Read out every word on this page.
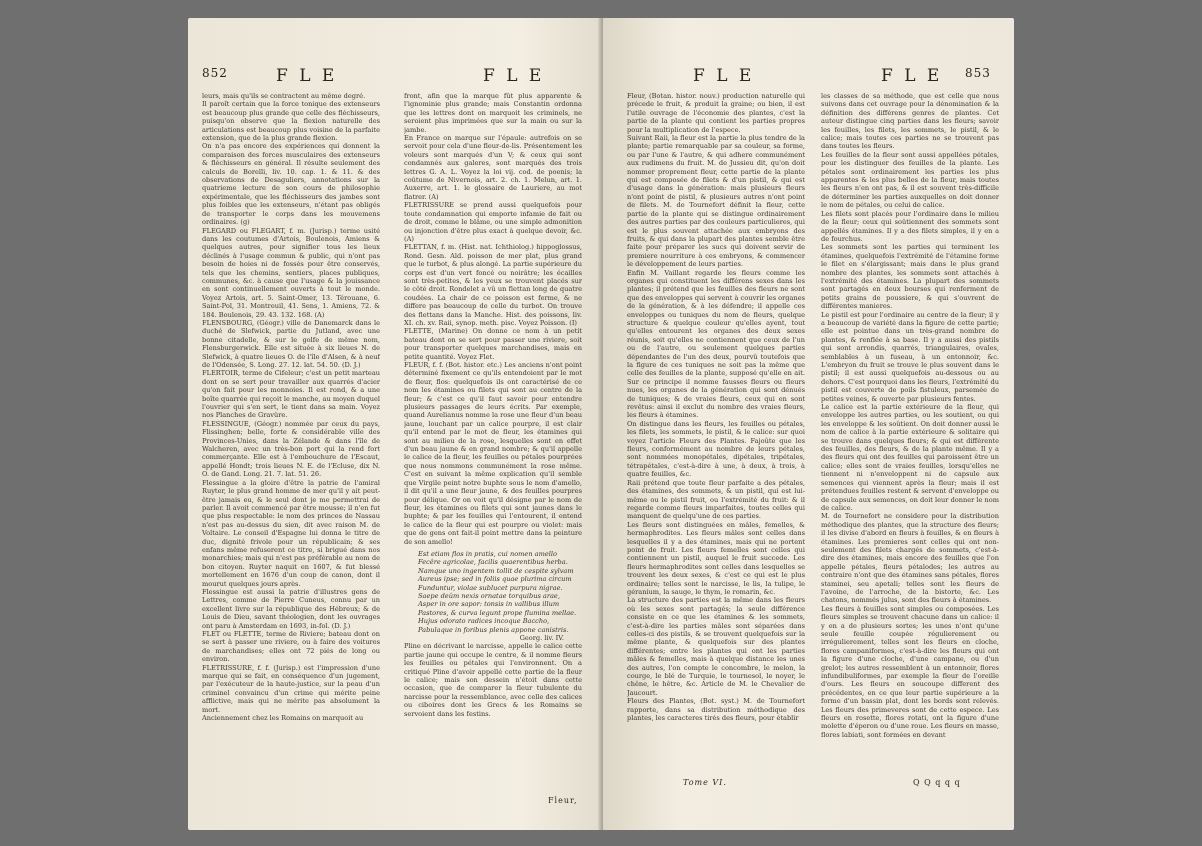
852	F L E	F L E
leurs, mais qu'ils se contractent au même degré.
Il paroît certain que la force tonique des extenseurs est beaucoup plus grande que celle des fléchisseurs, puisqu'on observe que la flexion naturelle des articulations est beaucoup plus voisine de la parfaite extension, que de la plus grande flexion.
On n'a pas encore des expériences qui donnent la comparaison des forces musculaires des extenseurs & fléchisseurs en général. Il résulte seulement des calculs de Borelli, liv. 10. cap. 1. & 11. & des observations de Desaguliers, annotations sur la quatrieme lecture de son cours de philosophie expérimentale, que les fléchisseurs des jambes sont plus foibles que les extenseurs, n'étant pas obligés de transporter le corps dans les mouvemens ordinaires. (g)
FLEGARD ou FLEGART, f. m. (Jurisp.) terme usité dans les coutumes d'Artois, Boulenois, Amiens & quelques autres, pour signifier tous les lieux déclinés à l'usage commun & public, qui n'ont pas besoin de hoies ni de fossés pour être conservés, tels que les chemins, sentiers, places publiques, communes, &c. à cause que l'usage & la jouissance en sont continuellement ouverts à tout le monde. Voyez Artois, art. 5. Saint-Omer, 13. Térouane, 6. Saint-Pol, 31. Montreuil, 41. Sens, 1. Amiens, 72. & 184. Boulenois, 29. 43. 132. 168. (A)
FLENSBOURG, (Géogr.) ville de Danemarck dans le duché de Slefwick, partie du Jutland, avec une bonne citadelle, & sur le golfe de même nom, Flensburgerwick. Elle est située à six lieues N. de Slefwick, à quatre lieues O. de l'île d'Alsen, & à neuf de l'Odensée, S. Long. 27. 12. lat. 54. 50. (D. J.)
FLERTOIR, terme de Cifeleur; c'est un petit marteau dont on se sert pour travailler aux quarrés d'acier qu'on fait pour les monnoies. Il est rond, & a une boîte quarrée qui reçoit le manche, au moyen duquel l'ouvrier qui s'en sert, le tient dans sa main. Voyez nos Planches de Gravûre.
FLESSINGUE, (Géogr.) nommée par ceux du pays, Flissinghen; belle, forte & considérable ville des Provinces-Unies, dans la Zélande & dans l'île de Walcheren, avec un très-bon port qui la rend fort commerçante. Elle est à l'embouchure de l'Escaut, appellé Hondt; trois lieues N. E. de l'Ecluse, dix N. O. de Gand. Long. 21. 7. lat. 51. 26.
Flessingue a la gloire d'être la patrie de l'amiral Ruyter, le plus grand homme de mer qu'il y ait peut-être jamais eu, & le seul dont je me permettrai de parler. Il avoit commencé par être mousse; il n'en fut que plus respectable: le nom des princes de Nassau n'est pas au-dessus du sien, dit avec raison M. de Voltaire. Le conseil d'Espagne lui donna le titre de duc, dignité frivole pour un républicain; & ses enfans même refuserent ce titre, si brigué dans nos monarchies; mais qui n'est pas préférable au nom de bon citoyen. Ruyter naquit en 1607, & fut blessé mortellement en 1676 d'un coup de canon, dont il mourut quelques jours après.
Flessingue est aussi la patrie d'illustres gens de Lettres, comme de Pierre Cuneus, connu par un excellent livre sur la république des Hébreux; & de Louis de Dieu, savant théologien, dont les ouvrages ont paru à Amsterdam en 1693, in-fol. (D. J.)
FLET ou FLETTE, terme de Riviere; bateau dont on se sert à passer une riviere, ou à faire des voitures de marchandises; elles ont 72 piés de long ou environ.
FLETRISSURE, f. f. (Jurisp.) est l'impression d'une marque qui se fait, en conséquence d'un jugement, par l'exécuteur de la haute-justice, sur la peau d'un criminel convaincu d'un crime qui mérite peine afflictive, mais qui ne mérite pas absolument la mort.
Anciennement chez les Romains on marquoit au
front, afin que la marque fût plus apparente & l'ignominie plus grande; mais Constantin ordonna que les lettres dont on marquoit les criminels, ne seroient plus imprimées que sur la main ou sur la jambe.
En France on marque sur l'épaule: autrefois on se servoit pour cela d'une fleur-de-lis. Présentement les voleurs sont marqués d'un V; & ceux qui sont condamnés aux galeres, sont marqués des trois lettres G. A. L. Voyez la loi vij. cod. de poenis; la coûtume de Nivernois, art. 2. ch. 1. Melun, art. 1. Auxerre, art. 1. le glossaire de Lauriere, au mot flatrer. (A)
FLETRISSURE se prend aussi quelquefois pour toute condamnation qui emporte infamie de fait ou de droit, comme le blâme, ou une simple admonition ou injonction d'être plus exact à quelque devoir, &c. (A)
FLETTAN, f. m. (Hist. nat. Ichthiolog.) hippoglossus, Rond. Gesn. Ald. poisson de mer plat, plus grand que le turbot, & plus alongé. La partie supérieure du corps est d'un vert foncé ou noirâtre; les écailles sont très-petites, & les yeux se trouvent placés sur le côté droit. Rondelet a vû un flettan long de quatre coudées. La chair de ce poisson est ferme, & ne differe pas beaucoup de celle du turbot. On trouve des flettans dans la Manche. Hist. des poissons, liv. XI. ch. xv. Raii, synop. meth. pisc. Voyez Poisson. (I)
FLETTE, (Marine) On donne ce nom à un petit bateau dont on se sert pour passer une riviere, soit pour transporter quelques marchandises, mais en petite quantité. Voyez Flet.
FLEUR, f. f. (Bot. histor. etc.) Les anciens n'ont point déterminé fixement ce qu'ils entendoient par le mot de fleur, flos: quelquefois ils ont caractérisé de ce nom les étamines ou filets qui sont au centre de la fleur; & c'est ce qu'il faut savoir pour entendre plusieurs passages de leurs écrits. Par exemple, quand Aurelianus nomme la rose une fleur d'un beau jaune, louchant par un calice pourpre, il est clair qu'il entend par le mot de fleur, les étamines qui sont au milieu de la rose, lesquelles sont en effet d'un beau jaune & en grand nombre; & qu'il appelle le calice de la fleur, les feuilles ou pétales pourprées que nous nommons communément la rose même. C'est en suivant la même explication qu'il semble que Virgile peint notre buphte sous le nom d'amello, il dit qu'il a une fleur jaune, & des feuilles pourpres pour délique. Or on voit qu'il désigne par le nom de fleur, les étamines ou filets qui sont jaunes dans le buphte; & par les feuilles qui l'entourent, il entend le calice de la fleur qui est pourpre ou violet: mais que de gens ont fait-il point mettre dans la peinture de son amello!
Est etiam flos in pratis, cui nomen amello
Fecêre agricolae, facilis quaerentibus herba.
Namque uno ingentem tollit de cespite sylvam
Aureus ipse; sed in foliis quae plurima circum
Funduntur, violae sublucet purpura nigrae.
Saepe deûm nexis ornatae torquibus arae,
Asper in ore sapor: tonsis in vallibus illum
Pastores, & curva legunt prope flumina mellae.
Hujus odorato radices incoque Baccho,
Pabulaque in foribus plenis appone canistris.
Georg. liv. IV.
Pline en décrivant le narcisse, appelle le calice cette partie jaune qui occupe le centre, & il nomme fleurs les feuilles ou pétales qui l'environnent. On a critiqué Pline d'avoir appellé cette partie de la fleur le calice; mais son dessein n'étoit dans cette occasion, que de comparer la fleur tubulente du narcisse pour la ressemblance, avec celle des calices ou ciboires dont les Grecs & les Romains se servoient dans les festins.
Fleur,
F L E	F L E 853
Fleur, (Botan. histor. nouv.) production naturelle qui précede le fruit, & produit la graine; ou bien, il est l'utile ouvrage de l'économie des plantes, c'est la partie de la plante qui contient les parties propres pour la multiplication de l'espece.
Suivant Raii, la fleur est la partie la plus tendre de la plante; partie remarquable par sa couleur, sa forme, ou par l'une & l'autre, & qui adhere communément aux rudimens du fruit. M. de Jussieu dit, qu'on doit nommer proprement fleur, cette partie de la plante qui est composée de filets & d'un pistil, & qui est d'usage dans la génération: mais plusieurs fleurs n'ont point de pistil, & plusieurs autres n'ont point de filets. M. de Tournefort définit la fleur, cette partie de la plante qui se distingue ordinairement des autres parties par des couleurs particulieres, qui est le plus souvent attachée aux embryons des fruits, & qui dans la plupart des plantes semble être faite pour préparer les sucs qui doivent servir de premiere nourriture à ces embryons, & commencer le développement de leurs parties.
Enfin M. Vaillant regarde les fleurs comme les organes qui constituent les différens sexes dans les plantes; il prétend que les feuilles des fleurs ne sont que des enveloppes qui servent à couvrir les organes de la génération, & à les défendre; il appelle ces enveloppes ou tuniques du nom de fleurs, quelque structure & quelque couleur qu'elles ayent, tout qu'elles entourent les organes des deux sexes réunis, soit qu'elles ne contiennent que ceux de l'un ou de l'autre, ou seulement quelques parties dépendantes de l'un des deux, pourvû toutefois que la figure de ces tuniques ne soit pas la même que celle des feuilles de la plante, supposé qu'elle en ait. Sur ce principe il nomme fausses fleurs ou fleurs nues, les organes de la génération qui sont dénués de tuniques; & de vraies fleurs, ceux qui en sont revêtus: ainsi il exclut du nombre des vraies fleurs, les fleurs à étamines.
On distingue dans les fleurs, les feuilles ou pétales, les filets, les sommets, le pistil, & le calice: sur quoi voyez l'article Fleurs des Plantes. Fajoûte que les fleurs, conformément au nombre de leurs pétales, sont nommées monopétales, dipétales, tripétales, tétrapétales, c'est-à-dire à une, à deux, à trois, à quatre feuilles, &c.
Raii prétend que toute fleur parfaite a des pétales, des étamines, des sommets, & un pistil, qui est lui-même ou le pistil fruit, ou l'extrémité du fruit: & il regarde comme fleurs imparfaites, toutes celles qui manquent de quelqu'une de ces parties.
Les fleurs sont distinguées en mâles, femelles, & hermaphrodites. Les fleurs mâles sont celles dans lesquelles il y a des étamines, mais qui ne portent point de fruit. Les fleurs femelles sont celles qui contiennent un pistil, auquel le fruit succede. Les fleurs hermaphrodites sont celles dans lesquelles se trouvent les deux sexes, & c'est ce qui est le plus ordinaire; telles sont le narcisse, le lis, la tulipe, le géranium, la sauge, le thym, le romarin, &c.
La structure des parties est la même dans les fleurs où les sexes sont partagés; la seule différence consiste en ce que les étamines & les sommets, c'est-à-dire les parties mâles sont séparées dans celles-ci des pistils, & se trouvent quelquefois sur la même plante, & quelquefois sur des plantes différentes; entre les plantes qui ont les parties mâles & femelles, mais à quelque distance les unes des autres, l'on compte le concombre, le melon, la courge, le blé de Turquie, le tournesol, le noyer, le chêne, le hêtre, &c. Article de M. le Chevalier de Jaucourt.
Fleurs des Plantes, (Bot. syst.) M. de Tournefort rapporte, dans sa distribution méthodique des plantes, les caracteres tirés des fleurs, pour établir
les classes de sa méthode, que est celle que nous suivons dans cet ouvrage pour la dénomination & la définition des différens genres de plantes. Cet auteur distingue cinq parties dans les fleurs; savoir les feuilles, les filets, les sommets, le pistil, & le calice; mais toutes ces parties ne se trouvent pas dans toutes les fleurs.
Les feuilles de la fleur sont aussi appellées pétales, pour les distinguer des feuilles de la plante. Les pétales sont ordinairement les parties les plus apparentes & les plus belles de la fleur, mais toutes les fleurs n'en ont pas, & il est souvent très-difficile de déterminer les parties auxquelles on doit donner le nom de pétales, ou celui de calice.
Les filets sont placés pour l'ordinaire dans le milieu de la fleur; ceux qui soûtiennent des sommets sont appellés étamines. Il y a des filets simples, il y en a de fourchus.
Les sommets sont les parties qui terminent les étamines, quelquefois l'extrémité de l'étamine forme le filet en s'élargissant; mais dans le plus grand nombre des plantes, les sommets sont attachés à l'extrémité des étamines. La plupart des sommets sont partagés en deux bourses qui renferment de petits grains de poussiere, & qui s'ouvrent de différentes manieres.
Le pistil est pour l'ordinaire au centre de la fleur; il y a beaucoup de variété dans la figure de cette partie; elle est pointue dans un très-grand nombre de plantes, & renflée à sa base. Il y a aussi des pistils qui sont arrondis, quarrés, triangulaires, ovales, semblables à un fuseau, à un entonnoir, &c. L'embryon du fruit se trouve le plus souvent dans le pistil; il est aussi quelquefois au-dessous ou au dehors. C'est pourquoi dans les fleurs, l'extrémité du pistil est couverte de poils fistuleux, parsemée de petites veines, & ouverte par plusieurs fentes.
Le calice est la partie extérieure de la fleur, qui enveloppe les autres parties, ou les soutient, ou qui les enveloppe & les soûtient. On doit donner aussi le nom de calice à la partie extérieure & solitaire qui se trouve dans quelques fleurs; & qui est différente des feuilles, des fleurs, & de la plante même. Il y a des fleurs qui ont des feuilles qui paroissent être un calice; elles sont de vraies feuilles, lorsqu'elles ne tiennent ni n'enveloppent ni de capsule aux semences qui viennent après la fleur; mais il est prétendues feuilles restent & servent d'enveloppe ou de capsule aux semences, on doit leur donner le nom de calice.
M. de Tournefort ne considere pour la distribution méthodique des plantes, que la structure des fleurs; il les divise d'abord en fleurs à feuilles, & en fleurs à étamines. Les premieres sont celles qui ont non-seulement des filets chargés de sommets, c'est-à-dire des étamines, mais encore des feuilles que l'on appelle pétales, fleurs pétalodes; les autres au contraire n'ont que des étamines sans pétales, flores staminei, seu apetali; telles sont les fleurs de l'avoine, de l'arroche, de la bistorte, &c. Les chatons, nommés julus, sont des fleurs à étamines.
Les fleurs à feuilles sont simples ou composées. Les fleurs simples se trouvent chacune dans un calice: il y en a de plusieurs sortes; les unes n'ont qu'une seule feuille coupée régulierement ou irrégulierement, telles sont les fleurs en cloche, flores campaniformes, c'est-à-dire les fleurs qui ont la figure d'une cloche, d'une campane, ou d'un grelot; les autres ressemblent à un entonnoir, flores infundibuliformes, par exemple la fleur de l'oreille d'ours. Les fleurs en soucoupe different des précédentes, en ce que leur partie supérieure a la forme d'un bassin plat, dont les bords sont relevés. Les fleurs des primeveres sont de cette espece. Les fleurs en rosette, flores rotati, ont la figure d'une molette d'éperon ou d'une roue. Les fleurs en masse, flores labiati, sont formées en devant
Tome VI.	Q Q q q q
